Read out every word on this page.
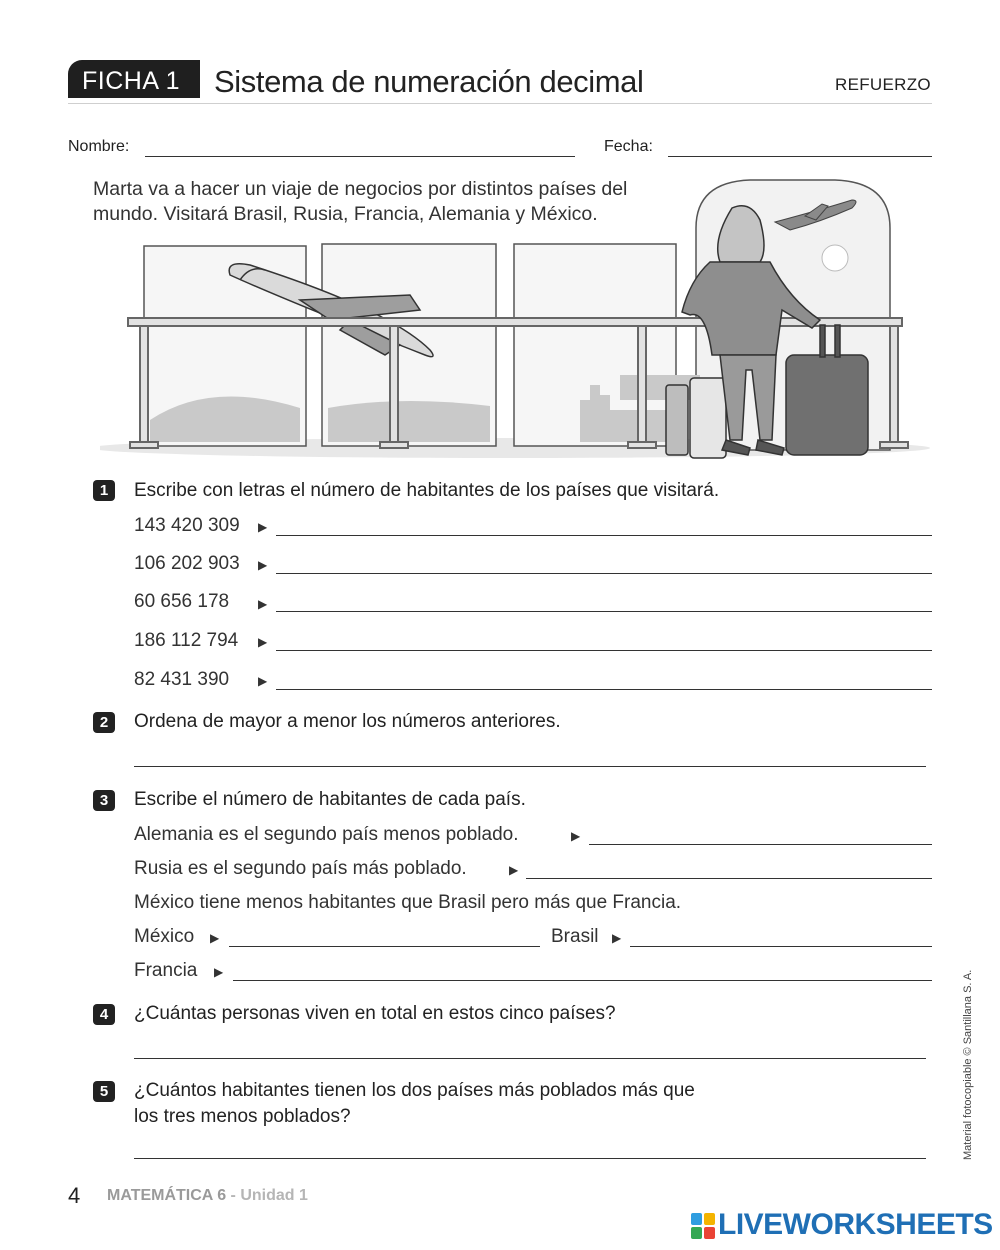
FICHA 1 Sistema de numeración decimal	REFUERZO
Nombre:	Fecha:
Marta va a hacer un viaje de negocios por distintos países del mundo. Visitará Brasil, Rusia, Francia, Alemania y México.
1	Escribe con letras el número de habitantes de los países que visitará.
143 420 309 ▶
106 202 903 ▶
60 656 178 ▶
186 112 794 ▶
82 431 390 ▶
2	Ordena de mayor a menor los números anteriores.
3	Escribe el número de habitantes de cada país.
Alemania es el segundo país menos poblado.	▶
Rusia es el segundo país más poblado.	▶
México tiene menos habitantes que Brasil pero más que Francia.
México ▶	Brasil ▶
Francia ▶
4	¿Cuántas personas viven en total en estos cinco países?
5	¿Cuántos habitantes tienen los dos países más poblados más que
los tres menos poblados?	Material fotocopiable © Santillana S. A.
4 MATEMÁTICA 6 - Unidad 1
LIVEWORKSHEETS
